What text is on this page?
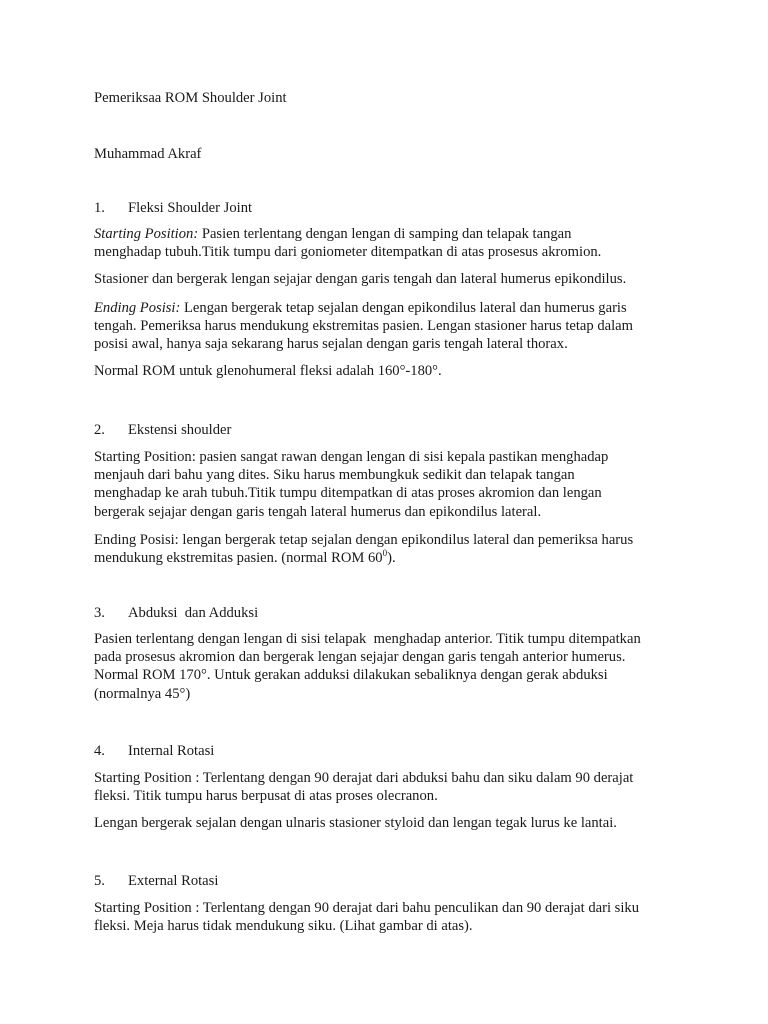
Pemeriksaa ROM Shoulder Joint
Muhammad Akraf
1. Fleksi Shoulder Joint

Starting Position: Pasien terlentang dengan lengan di samping dan telapak tangan
menghadap tubuh.Titik tumpu dari goniometer ditempatkan di atas prosesus akromion.

Stasioner dan bergerak lengan sejajar dengan garis tengah dan lateral humerus epikondilus.

Ending Posisi: Lengan bergerak tetap sejalan dengan epikondilus lateral dan humerus garis
tengah. Pemeriksa harus mendukung ekstremitas pasien. Lengan stasioner harus tetap dalam
posisi awal, hanya saja sekarang harus sejalan dengan garis tengah lateral thorax.

Normal ROM untuk glenohumeral fleksi adalah 160°-180°.

2. Ekstensi shoulder

Starting Position: pasien sangat rawan dengan lengan di sisi kepala pastikan menghadap
menjauh dari bahu yang dites. Siku harus membungkuk sedikit dan telapak tangan
menghadap ke arah tubuh.Titik tumpu ditempatkan di atas proses akromion dan lengan
bergerak sejajar dengan garis tengah lateral humerus dan epikondilus lateral.

Ending Posisi: lengan bergerak tetap sejalan dengan epikondilus lateral dan pemeriksa harus
mendukung ekstremitas pasien. (normal ROM $60^0$).

3. Abduksi  dan Adduksi

Pasien terlentang dengan lengan di sisi telapak  menghadap anterior. Titik tumpu ditempatkan
pada prosesus akromion dan bergerak lengan sejajar dengan garis tengah anterior humerus.
Normal ROM 170°. Untuk gerakan adduksi dilakukan sebaliknya dengan gerak abduksi
(normalnya 45°)

4. Internal Rotasi

Starting Position : Terlentang dengan 90 derajat dari abduksi bahu dan siku dalam 90 derajat
fleksi. Titik tumpu harus berpusat di atas proses olecranon.

Lengan bergerak sejalan dengan ulnaris stasioner styloid dan lengan tegak lurus ke lantai.

5. External Rotasi

Starting Position : Terlentang dengan 90 derajat dari bahu penculikan dan 90 derajat dari siku
fleksi. Meja harus tidak mendukung siku. (Lihat gambar di atas).
